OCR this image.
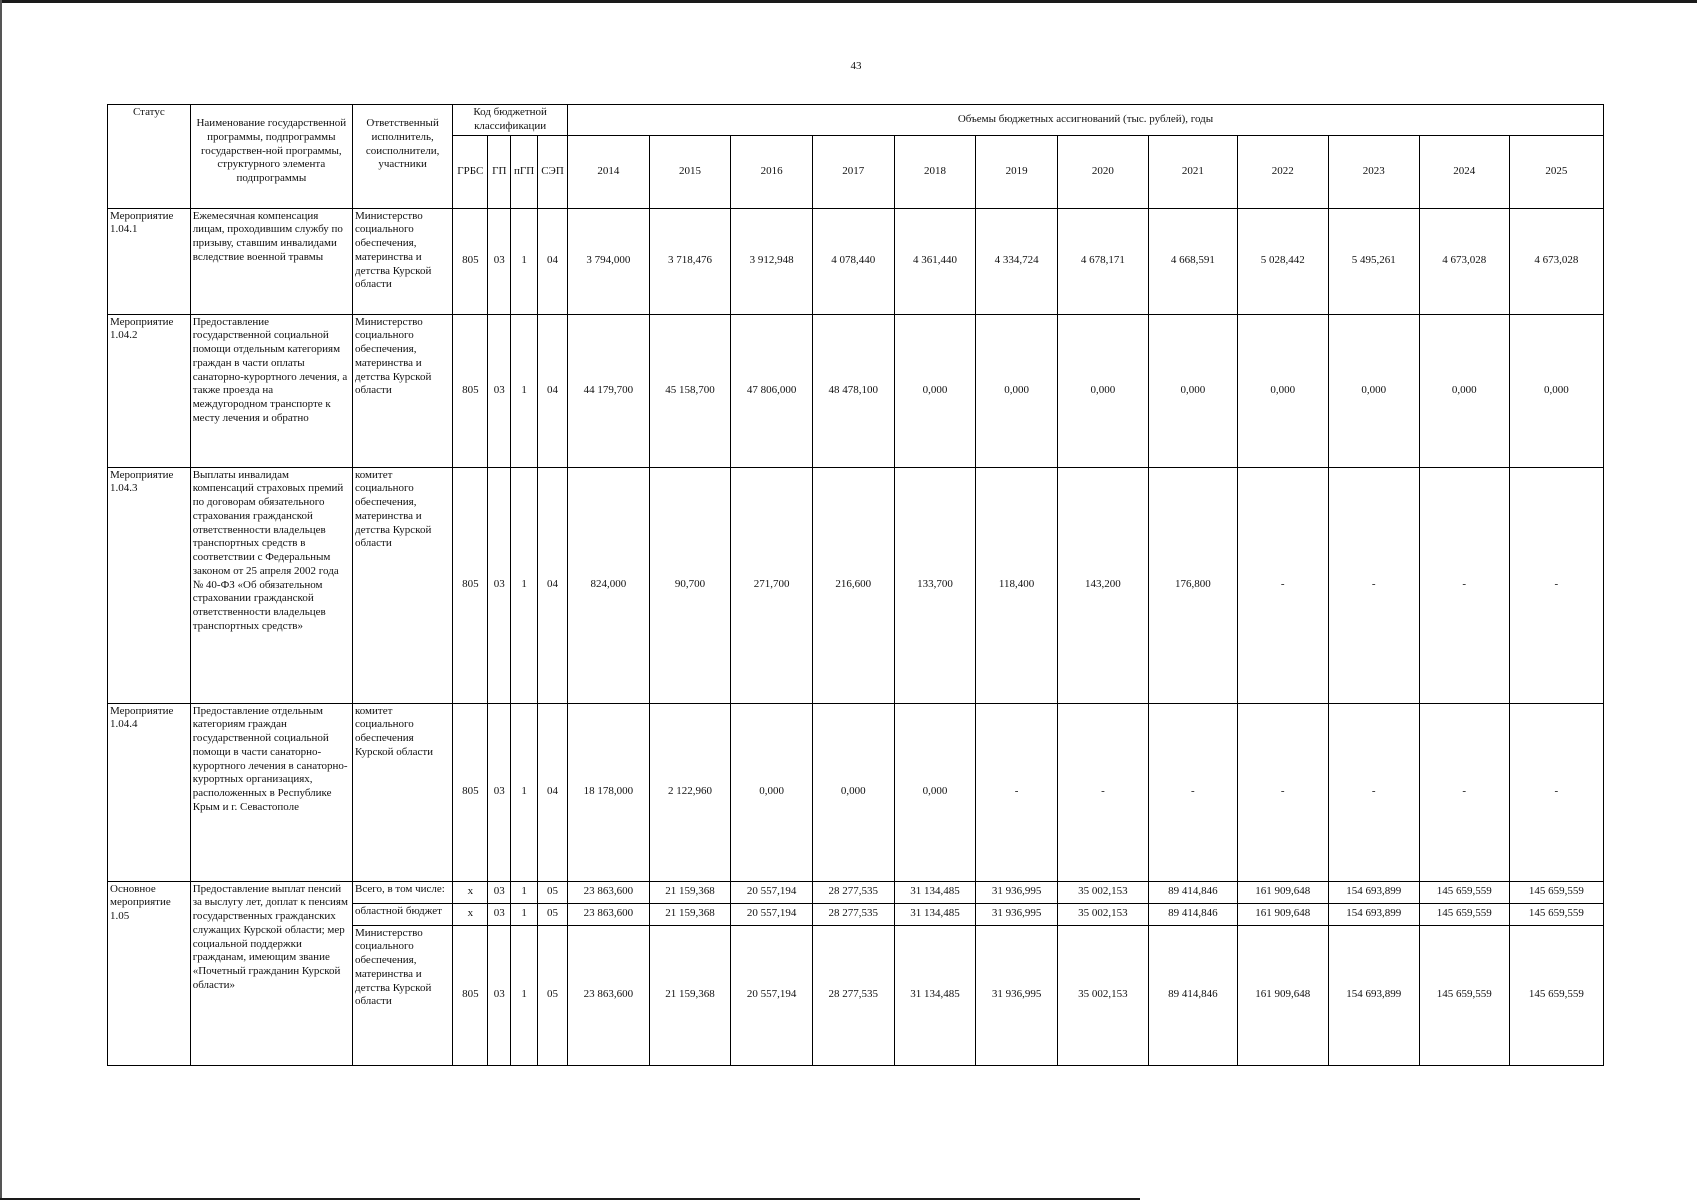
43
Статус	Наименование государственной программы, подпрограммы государствен-ной программы, структурного элемента подпрограммы	Ответственный исполнитель, соисполнители, участники	Код бюджетной классификации				Объемы бюджетных ассигнований (тыс. рублей), годы											
			ГРБС	ГП	пГП	СЭП	2014	2015	2016	2017	2018	2019	2020	2021	2022	2023	2024	2025
Мероприятие 1.04.1	Ежемесячная компенсация лицам, проходившим службу по призыву, ставшим инвалидами вследствие военной травмы	Министерство социального обеспечения, материнства и детства Курской области	805	03	1	04	3 794,000	3 718,476	3 912,948	4 078,440	4 361,440	4 334,724	4 678,171	4 668,591	5 028,442	5 495,261	4 673,028	4 673,028
Мероприятие 1.04.2	Предоставление государственной социальной помощи отдельным категориям граждан в части оплаты санаторно-курортного лечения, а также проезда на междугородном транспорте к месту лечения и обратно	Министерство социального обеспечения, материнства и детства Курской области	805	03	1	04	44 179,700	45 158,700	47 806,000	48 478,100	0,000	0,000	0,000	0,000	0,000	0,000	0,000	0,000
Мероприятие 1.04.3	Выплаты инвалидам компенсаций страховых премий по договорам обязательного страхования гражданской ответственности владельцев транспортных средств в соответствии с Федеральным законом от 25 апреля 2002 года № 40-ФЗ «Об обязательном страховании гражданской ответственности владельцев транспортных средств»	комитет социального обеспечения, материнства и детства Курской области	805	03	1	04	824,000	90,700	271,700	216,600	133,700	118,400	143,200	176,800	-	-	-	-
Мероприятие 1.04.4	Предоставление отдельным категориям граждан государственной социальной помощи в части санаторно-курортного лечения в санаторно-курортных организациях, расположенных в Республике Крым и г. Севастополе	комитет социального обеспечения Курской области	805	03	1	04	18 178,000	2 122,960	0,000	0,000	0,000	-	-	-	-	-	-	-
Основное мероприятие 1.05	Предоставление выплат пенсий за выслугу лет, доплат к пенсиям государственных гражданских служащих Курской области; мер социальной поддержки гражданам, имеющим звание «Почетный гражданин Курской области»	Всего, в том числе:	х	03	1	05	23 863,600	21 159,368	20 557,194	28 277,535	31 134,485	31 936,995	35 002,153	89 414,846	161 909,648	154 693,899	145 659,559	145 659,559
		областной бюджет	х	03	1	05	23 863,600	21 159,368	20 557,194	28 277,535	31 134,485	31 936,995	35 002,153	89 414,846	161 909,648	154 693,899	145 659,559	145 659,559
		Министерство социального обеспечения, материнства и детства Курской области	805	03	1	05	23 863,600	21 159,368	20 557,194	28 277,535	31 134,485	31 936,995	35 002,153	89 414,846	161 909,648	154 693,899	145 659,559	145 659,559
